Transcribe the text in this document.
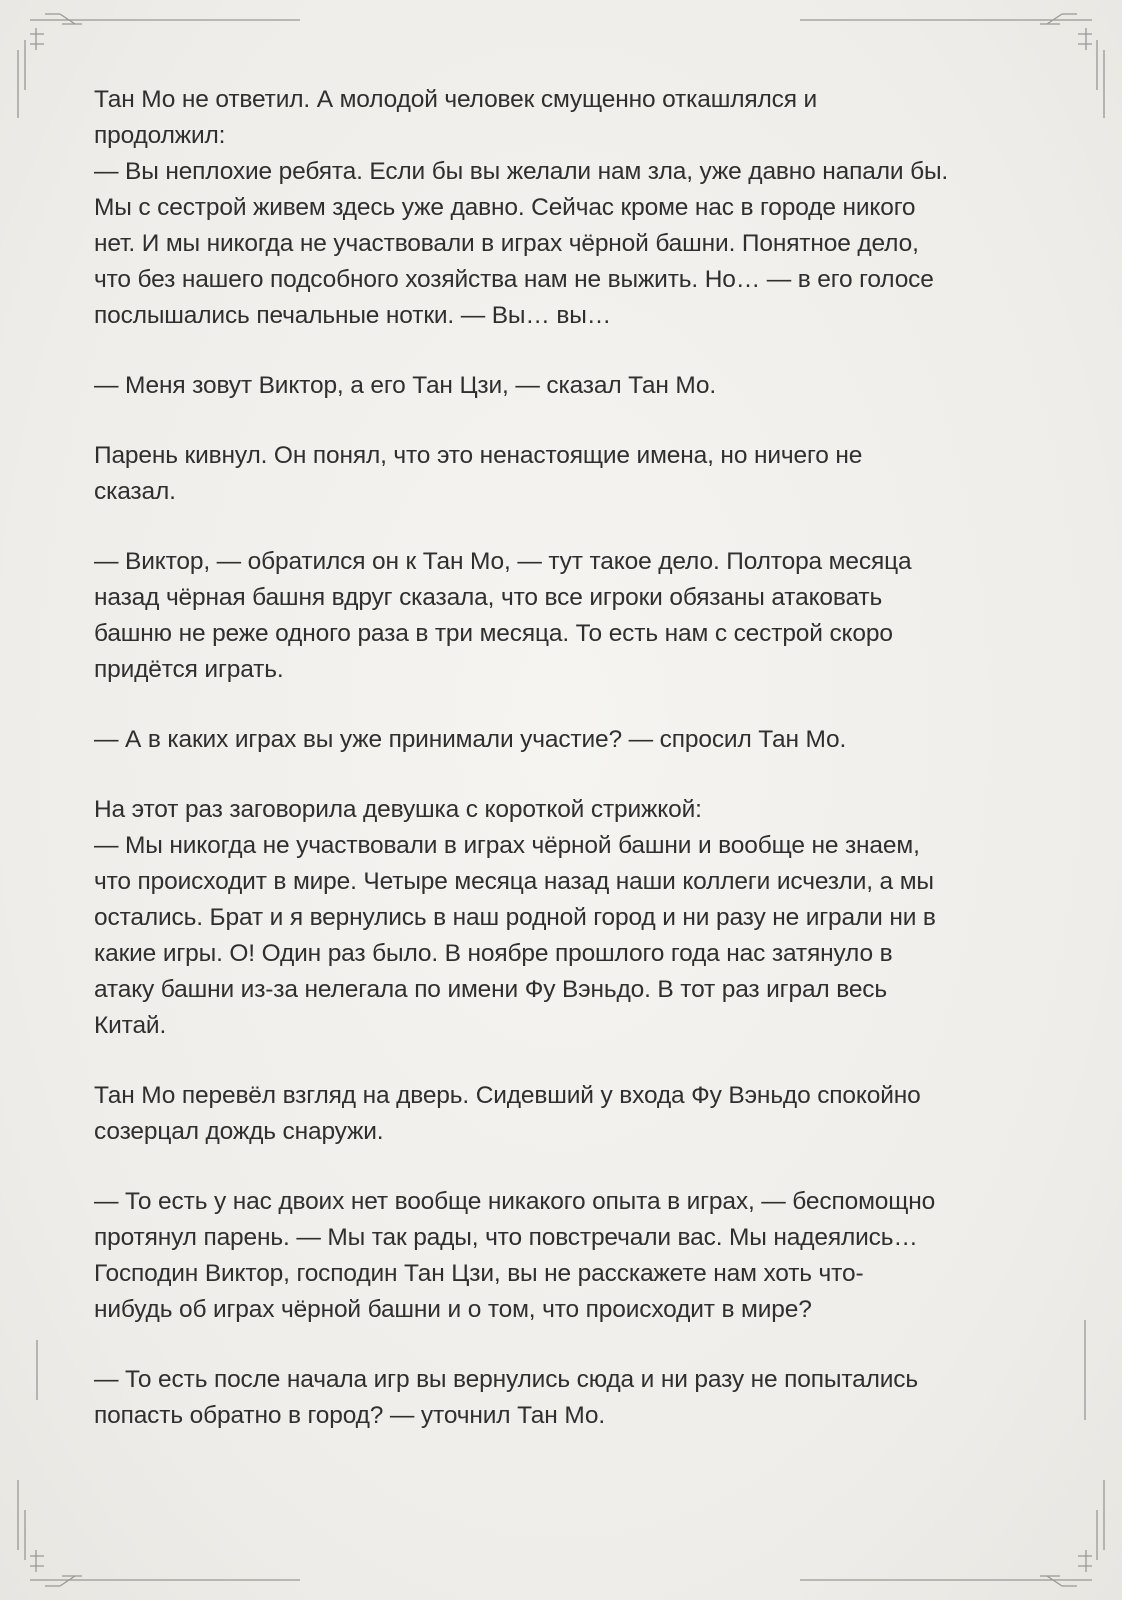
Тан Мо не ответил. А молодой человек смущенно откашлялся и
продолжил:
— Вы неплохие ребята. Если бы вы желали нам зла, уже давно напали бы.
Мы с сестрой живем здесь уже давно. Сейчас кроме нас в городе никого
нет. И мы никогда не участвовали в играх чёрной башни. Понятное дело,
что без нашего подсобного хозяйства нам не выжить. Но… — в его голосе
послышались печальные нотки. — Вы… вы…

— Меня зовут Виктор, а его Тан Цзи, — сказал Тан Мо.

Парень кивнул. Он понял, что это ненастоящие имена, но ничего не
сказал.

— Виктор, — обратился он к Тан Мо, — тут такое дело. Полтора месяца
назад чёрная башня вдруг сказала, что все игроки обязаны атаковать
башню не реже одного раза в три месяца. То есть нам с сестрой скоро
придётся играть.

— А в каких играх вы уже принимали участие? — спросил Тан Мо.

На этот раз заговорила девушка с короткой стрижкой:
— Мы никогда не участвовали в играх чёрной башни и вообще не знаем,
что происходит в мире. Четыре месяца назад наши коллеги исчезли, а мы
остались. Брат и я вернулись в наш родной город и ни разу не играли ни в
какие игры. О! Один раз было. В ноябре прошлого года нас затянуло в
атаку башни из-за нелегала по имени Фу Вэньдо. В тот раз играл весь
Китай.

Тан Мо перевёл взгляд на дверь. Сидевший у входа Фу Вэньдо спокойно
созерцал дождь снаружи.

— То есть у нас двоих нет вообще никакого опыта в играх, — беспомощно
протянул парень. — Мы так рады, что повстречали вас. Мы надеялись…
Господин Виктор, господин Тан Цзи, вы не расскажете нам хоть что-
нибудь об играх чёрной башни и о том, что происходит в мире?

— То есть после начала игр вы вернулись сюда и ни разу не попытались
попасть обратно в город? — уточнил Тан Мо.
